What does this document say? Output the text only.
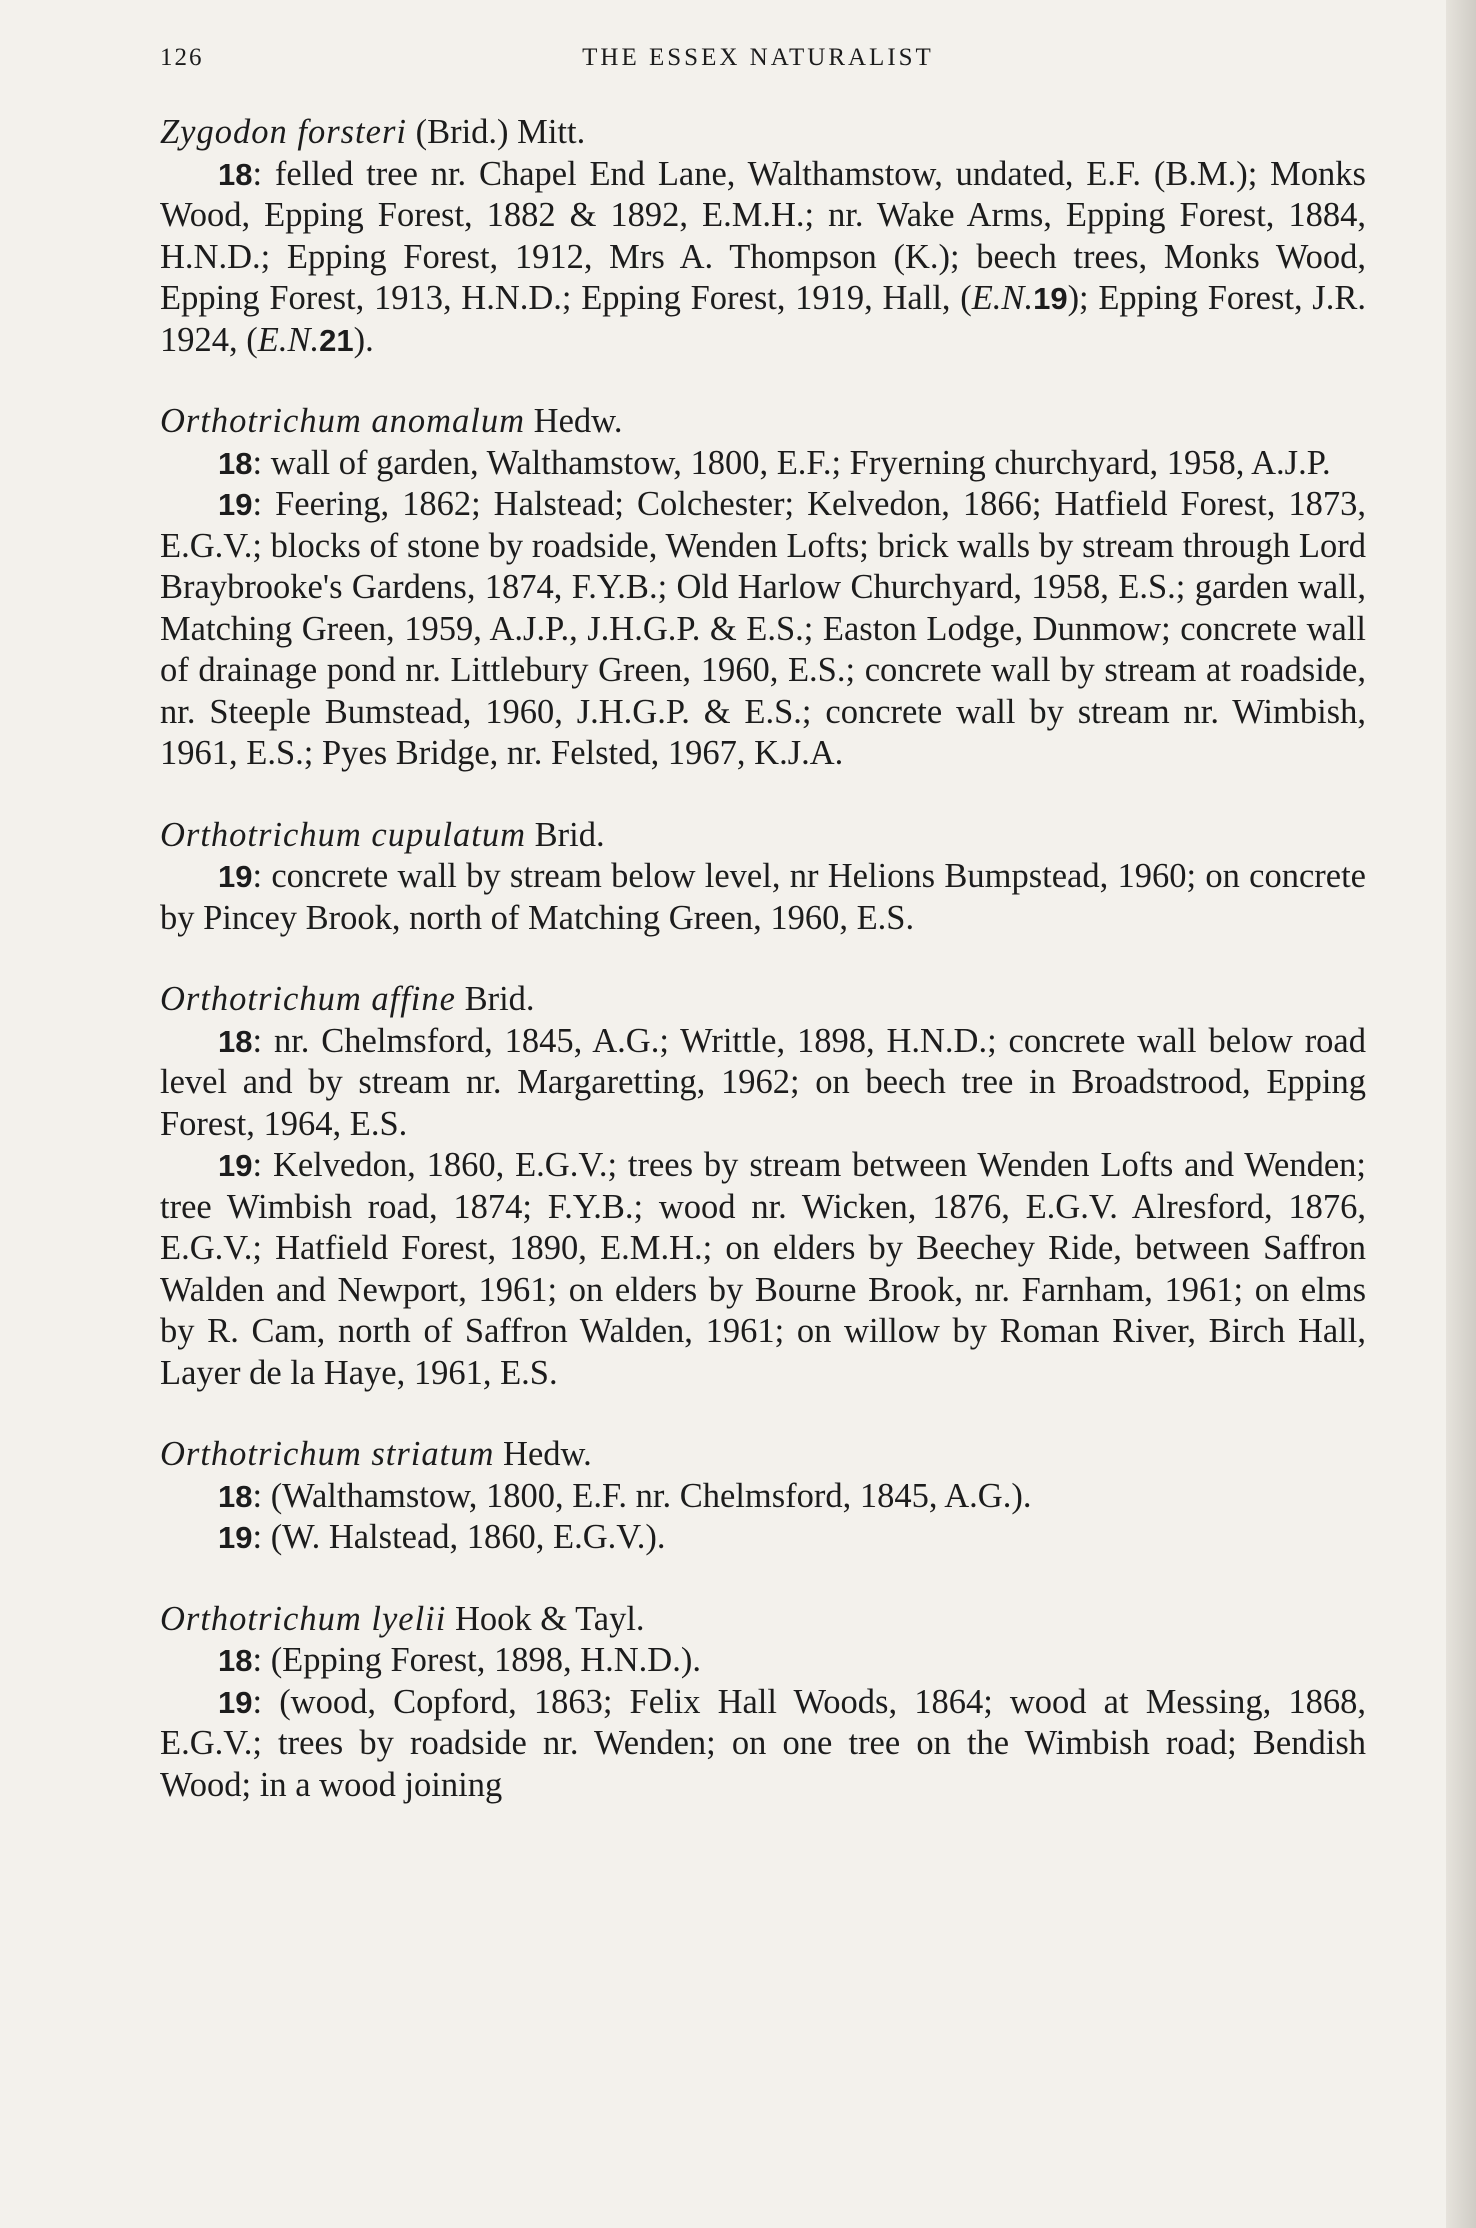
126	THE ESSEX NATURALIST

Zygodon forsteri (Brid.) Mitt.

18: felled tree nr. Chapel End Lane, Walthamstow, undated, E.F. (B.M.); Monks Wood, Epping Forest, 1882 & 1892, E.M.H.; nr. Wake Arms, Epping Forest, 1884, H.N.D.; Epping Forest, 1912, Mrs A. Thompson (K.); beech trees, Monks Wood, Epping Forest, 1913, H.N.D.; Epping Forest, 1919, Hall, (E.N.19); Epping Forest, J.R. 1924, (E.N.21).

Orthotrichum anomalum Hedw.

18: wall of garden, Walthamstow, 1800, E.F.; Fryerning churchyard, 1958, A.J.P.

19: Feering, 1862; Halstead; Colchester; Kelvedon, 1866; Hatfield Forest, 1873, E.G.V.; blocks of stone by roadside, Wenden Lofts; brick walls by stream through Lord Braybrooke's Gardens, 1874, F.Y.B.; Old Harlow Churchyard, 1958, E.S.; garden wall, Matching Green, 1959, A.J.P., J.H.G.P. & E.S.; Easton Lodge, Dunmow; concrete wall of drainage pond nr. Littlebury Green, 1960, E.S.; concrete wall by stream at roadside, nr. Steeple Bumstead, 1960, J.H.G.P. & E.S.; concrete wall by stream nr. Wimbish, 1961, E.S.; Pyes Bridge, nr. Felsted, 1967, K.J.A.

Orthotrichum cupulatum Brid.

19: concrete wall by stream below level, nr Helions Bumpstead, 1960; on concrete by Pincey Brook, north of Matching Green, 1960, E.S.

Orthotrichum affine Brid.

18: nr. Chelmsford, 1845, A.G.; Writtle, 1898, H.N.D.; concrete wall below road level and by stream nr. Margaretting, 1962; on beech tree in Broadstrood, Epping Forest, 1964, E.S.

19: Kelvedon, 1860, E.G.V.; trees by stream between Wenden Lofts and Wenden; tree Wimbish road, 1874; F.Y.B.; wood nr. Wicken, 1876, E.G.V. Alresford, 1876, E.G.V.; Hatfield Forest, 1890, E.M.H.; on elders by Beechey Ride, between Saffron Walden and Newport, 1961; on elders by Bourne Brook, nr. Farnham, 1961; on elms by R. Cam, north of Saffron Walden, 1961; on willow by Roman River, Birch Hall, Layer de la Haye, 1961, E.S.

Orthotrichum striatum Hedw.

18: (Walthamstow, 1800, E.F. nr. Chelmsford, 1845, A.G.).

19: (W. Halstead, 1860, E.G.V.).

Orthotrichum lyelii Hook & Tayl.

18: (Epping Forest, 1898, H.N.D.).

19: (wood, Copford, 1863; Felix Hall Woods, 1864; wood at Messing, 1868, E.G.V.; trees by roadside nr. Wenden; on one tree on the Wimbish road; Bendish Wood; in a wood joining
